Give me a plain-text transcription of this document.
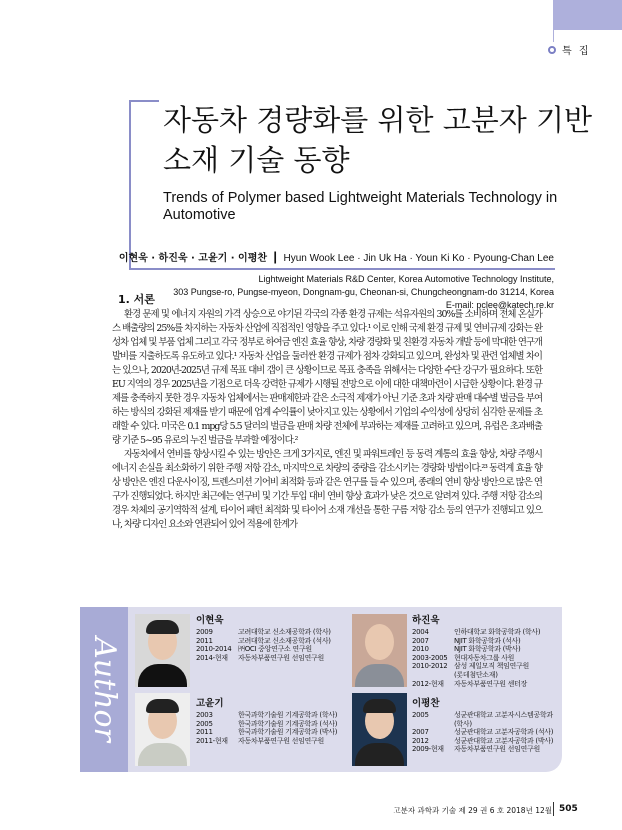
특 집
자동차 경량화를 위한 고분자 기반
소재 기술 동향
Trends of Polymer based Lightweight Materials Technology in Automotive
이현욱 · 하진욱 · 고윤기 · 이평찬  |  Hyun Wook Lee · Jin Uk Ha · Youn Ki Ko · Pyoung-Chan Lee
Lightweight Materials R&D Center, Korea Automotive Technology Institute,
303 Pungse-ro, Pungse-myeon, Dongnam-gu, Cheonan-si, Chungcheongnam-do 31214, Korea
E-mail: pclee@katech.re.kr
1. 서론

환경 문제 및 에너지 자원의 가격 상승으로 야기된 각국의 각종 환경 규제는 석유자원의 30%를 소비하며 전체 온실가스 배출량의 25%를 차지하는 자동차 산업에 직접적인 영향을 주고 있다.¹ 이로 인해 국제 환경 규제 및 연비규제 강화는 완성차 업체 및 부품 업체 그리고 각국 정부로 하여금 엔진 효율 향상, 차량 경량화 및 친환경 자동차 개발 등에 막대한 연구개발비를 지출하도록 유도하고 있다.¹ 자동차 산업을 둘러싼 환경 규제가 점차 강화되고 있으며, 완성차 및 관련 업체별 차이는 있으나, 2020년-2025년 규제 목표 대비 갭이 큰 상황이므로 목표 충족을 위해서는 다양한 수단 강구가 필요하다. 또한 EU 지역의 경우 2025년을 기점으로 더욱 강력한 규제가 시행될 전망으로 이에 대한 대책마련이 시급한 상황이다. 환경 규제를 충족하지 못한 경우 자동차 업체에서는 판매제한과 같은 소극적 제재가 아닌 기준 초과 차량 판매 대수별 벌금을 부여하는 방식의 강화된 제재를 받기 때문에 업계 수익률이 낮아지고 있는 상황에서 기업의 수익성에 상당히 심각한 문제를 초래할 수 있다. 미국은 0.1 mpg당 5.5 달러의 벌금을 판매 차량 전체에 부과하는 제재를 고려하고 있으며, 유럽은 초과배출량 기준 5~95 유로의 누진 벌금을 부과할 예정이다.²

자동차에서 연비를 향상시킬 수 있는 방안은 크게 3가지로, 엔진 및 파워트레인 등 동력 계통의 효율 향상, 차량 주행시 에너지 손실을 최소화하기 위한 주행 저항 감소, 마지막으로 차량의 중량을 감소시키는 경량화 방법이다.²³ 동력계 효율 향상 방안은 엔진 다운사이징, 트렌스미션 기어비 최적화 등과 같은 연구를 들 수 있으며, 종래의 연비 향상 방안으로 많은 연구가 진행되었다. 하지만 최근에는 연구비 및 기간 투입 대비 연비 향상 효과가 낮은 것으로 알려져 있다. 주행 저항 감소의 경우 차체의 공기역학적 설계, 타이어 패턴 최적화 및 타이어 소재 개선을 통한 구름 저항 감소 등의 연구가 진행되고 있으나, 차량 디자인 요소와 연관되어 있어 적용에 한계가

Author
이현욱
2009	고려대학교 신소재공학과 (학사)
2011	고려대학교 신소재공학과 (석사)
2010-2014 ㈜OCI 중앙연구소 연구원
2014-현재	자동차부품연구원 선임연구원
하진욱
2004	인하대학교 화학공학과 (학사)
2007	NJIT 화학공학과 (석사)
2010	NJIT 화학공학과 (박사)
2003-2005 현대자동차그룹 사원
2010-2012 삼성 제일모직 책임연구원
(롯데첨단소재)
2012-현재	자동차부품연구원 센터장
고윤기
2003	한국과학기술원 기계공학과 (학사)
2005	한국과학기술원 기계공학과 (석사)
2011	한국과학기술원 기계공학과 (박사)
2011-현재	자동차부품연구원 선임연구원
이평찬
2005	성균관대학교 고분자시스템공학과
(학사)
2007	성균관대학교 고분자공학과 (석사)
2012	성균관대학교 고분자공학과 (박사)
2009-현재	자동차부품연구원 선임연구원
고분자 과학과 기술 제 29 권 6 호 2018년 12월 505
